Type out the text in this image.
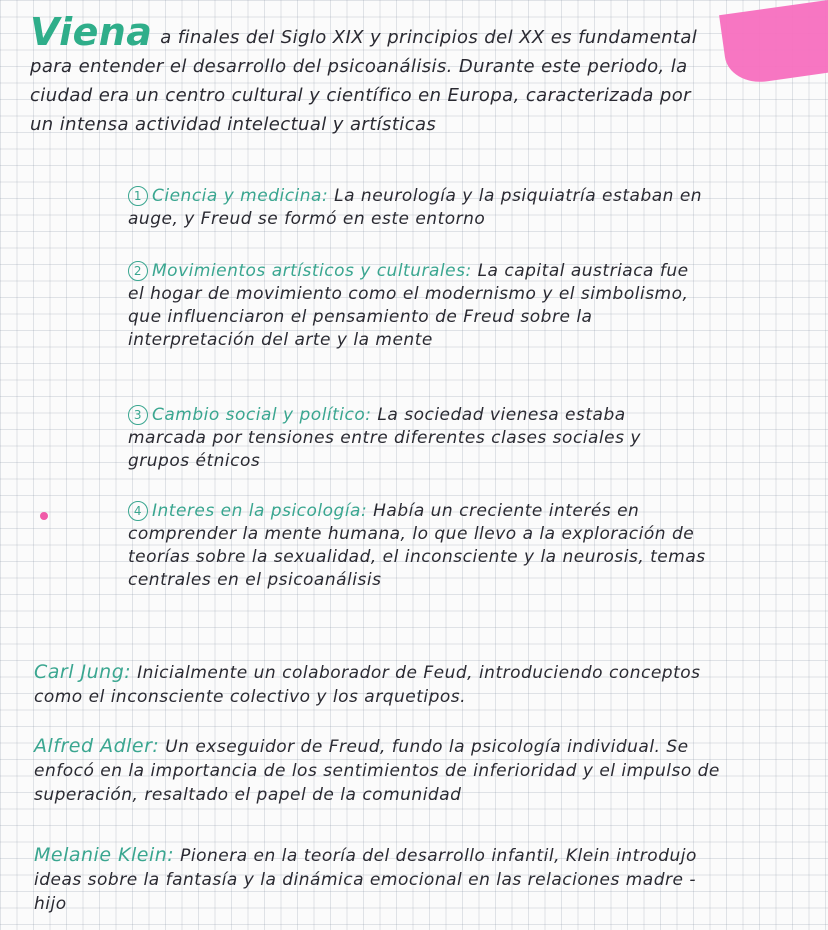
Viena a finales del Siglo XIX y principios del XX es fundamental para entender el desarrollo del psicoanálisis. Durante este periodo, la ciudad era un centro cultural y científico en Europa, caracterizada por un intensa actividad intelectual y artísticas
1 Ciencia y medicina: La neurología y la psiquiatría estaban en auge, y Freud se formó en este entorno
2 Movimientos artísticos y culturales: La capital austriaca fue el hogar de movimiento como el modernismo y el simbolismo, que influenciaron el pensamiento de Freud sobre la interpretación del arte y la mente
3 Cambio social y político: La sociedad vienesa estaba marcada por tensiones entre diferentes clases sociales y grupos étnicos
4 Interes en la psicología: Había un creciente interés en comprender la mente humana, lo que llevo a la exploración de teorías sobre la sexualidad, el inconsciente y la neurosis, temas centrales en el psicoanálisis
Carl Jung: Inicialmente un colaborador de Feud, introduciendo conceptos como el inconsciente colectivo y los arquetipos.
Alfred Adler: Un exseguidor de Freud, fundo la psicología individual. Se enfocó en la importancia de los sentimientos de inferioridad y el impulso de superación, resaltado el papel de la comunidad
Melanie Klein: Pionera en la teoría del desarrollo infantil, Klein introdujo ideas sobre la fantasía y la dinámica emocional en las relaciones madre - hijo
